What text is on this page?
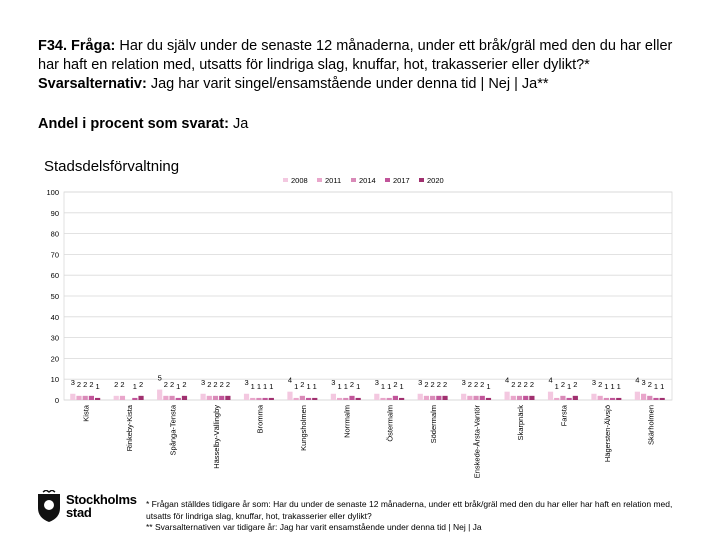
F34. Fråga: Har du själv under de senaste 12 månaderna, under ett bråk/gräl med den du har eller har haft en relation med, utsatts för lindriga slag, knuffar, hot, trakasserier eller dylikt?* Svarsalternativ: Jag har varit singel/ensamstående under denna tid | Nej | Ja**
Andel i procent som svarat: Ja
Stadsdelsförvaltning
0
10
20
30
40
50
60
70
80
90
100
3 2 2 2 1
Kista
2 2 1 2
Rinkeby-Kista
5
2 2 1 2
Spånga-Tensta
3 2 2 2 2
Hässelby-Vällingby
3 1 1 1 1
Bromma
4
1 2 1 1
Kungsholmen
3 1 1 2 1
Norrmalm
3 1 1 2 1
Östermalm
3 2 2 2 2
Södermalm
3 2 2 2 1
Enskede-Årsta-Vantör
4 2 2 2 2
Skarpnäck
4
1 2 1 2
Farsta
3 2 1 1 1
Hägersten-Älvsjö
4 3 2 1 1
Skärholmen
2008 2011 2014 2017 2020
Stockholms
stad
* Frågan ställdes tidigare år som: Har du under de senaste 12 månaderna, under ett bråk/gräl med den du har eller har haft en relation med, utsatts för lindriga slag, knuffar, hot, trakasserier eller dylikt?
** Svarsalternativen var tidigare år: Jag har varit ensamstående under denna tid | Nej | Ja
